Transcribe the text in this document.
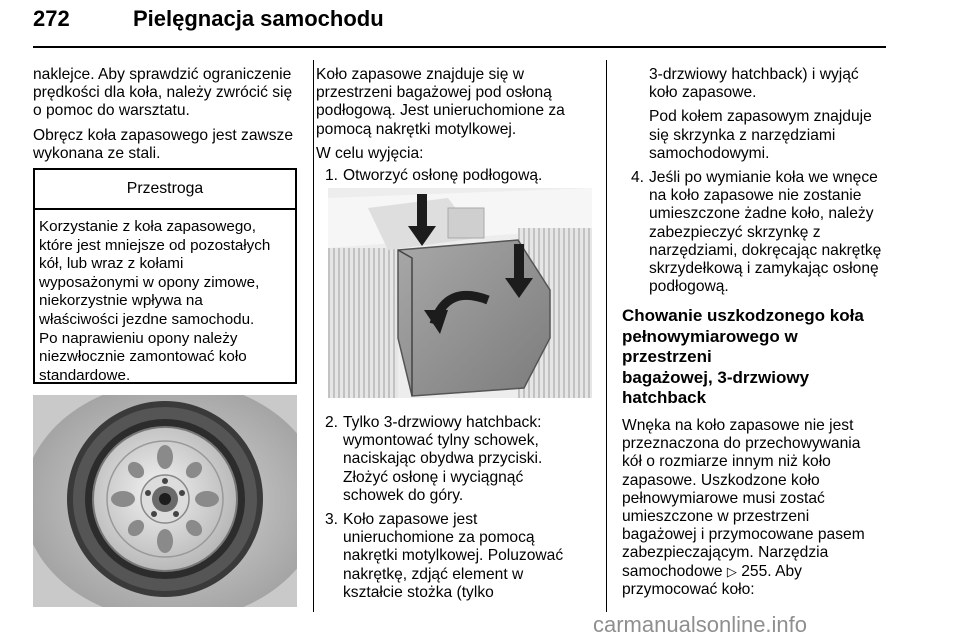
272	Pielęgnacja samochodu

naklejce. Aby sprawdzić ograniczenie

prędkości dla koła, należy zwrócić się

o pomoc do warsztatu.

Obręcz koła zapasowego jest zawsze

wykonana ze stali.

Przestroga

Korzystanie z koła zapasowego,

które jest mniejsze od pozostałych

kół, lub wraz z kołami

wyposażonymi w opony zimowe,

niekorzystnie wpływa na

właściwości jezdne samochodu.

Po naprawieniu opony należy

niezwłocznie zamontować koło

standardowe.

Koło zapasowe znajduje się w

przestrzeni bagażowej pod osłoną

podłogową. Jest unieruchomione za

pomocą nakrętki motylkowej.

W celu wyjęcia:

1. Otworzyć osłonę podłogową.
2. Tylko 3-drzwiowy hatchback:

wymontować tylny schowek,

naciskając obydwa przyciski.

Złożyć osłonę i wyciągnąć

schowek do góry.

3. Koło zapasowe jest

unieruchomione za pomocą

nakrętki motylkowej. Poluzować

nakrętkę, zdjąć element w

kształcie stożka (tylko

3-drzwiowy hatchback) i wyjąć

koło zapasowe.

Pod kołem zapasowym znajduje

się skrzynka z narzędziami

samochodowymi.

4. Jeśli po wymianie koła we wnęce

na koło zapasowe nie zostanie

umieszczone żadne koło, należy

zabezpieczyć skrzynkę z

narzędziami, dokręcając nakrętkę

skrzydełkową i zamykając osłonę

podłogową.

Chowanie uszkodzonego koła

pełnowymiarowego w przestrzeni

bagażowej, 3-drzwiowy

hatchback

Wnęka na koło zapasowe nie jest

przeznaczona do przechowywania

kół o rozmiarze innym niż koło

zapasowe. Uszkodzone koło

pełnowymiarowe musi zostać

umieszczone w przestrzeni

bagażowej i przymocowane pasem

zabezpieczającym. Narzędzia

samochodowe ▷ 255. Aby

przymocować koło:

carmanualsonline.info
